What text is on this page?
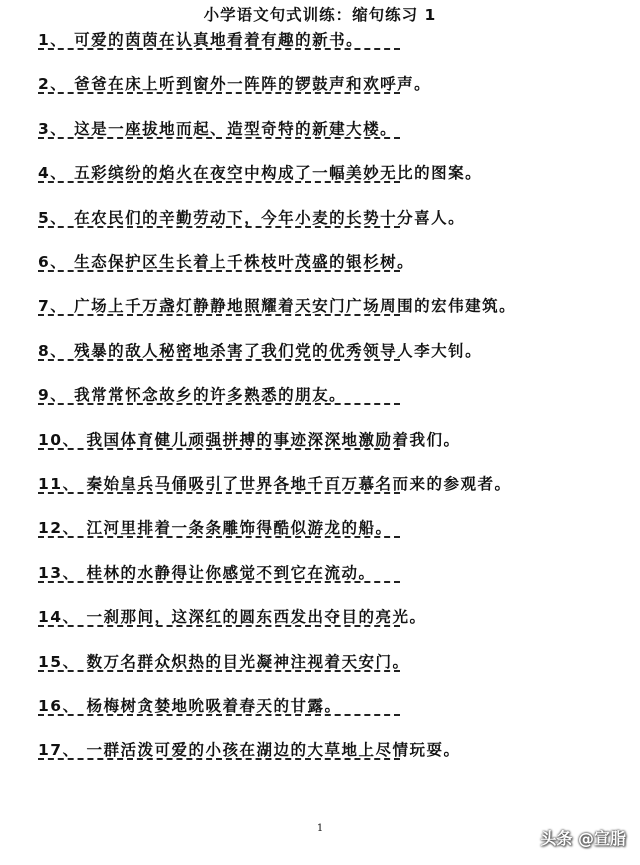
小学语文句式训练：缩句练习 1
1、 可爱的茵茵在认真地看着有趣的新书。
2、 爸爸在床上听到窗外一阵阵的锣鼓声和欢呼声。
3、 这是一座拔地而起、造型奇特的新建大楼。
4、 五彩缤纷的焰火在夜空中构成了一幅美妙无比的图案。
5、 在农民们的辛勤劳动下，今年小麦的长势十分喜人。
6、 生态保护区生长着上千株枝叶茂盛的银杉树。
7、 广场上千万盏灯静静地照耀着天安门广场周围的宏伟建筑。
8、 残暴的敌人秘密地杀害了我们党的优秀领导人李大钊。
9、 我常常怀念故乡的许多熟悉的朋友。
10、 我国体育健儿顽强拼搏的事迹深深地激励着我们。
11、 秦始皇兵马俑吸引了世界各地千百万慕名而来的参观者。
12、 江河里排着一条条雕饰得酷似游龙的船。
13、 桂林的水静得让你感觉不到它在流动。
14、 一刹那间，这深红的圆东西发出夺目的亮光。
15、 数万名群众炽热的目光凝神注视着天安门。
16、 杨梅树贪婪地吮吸着春天的甘露。
17、 一群活泼可爱的小孩在湖边的大草地上尽情玩耍。
1
头条 @宣脂
